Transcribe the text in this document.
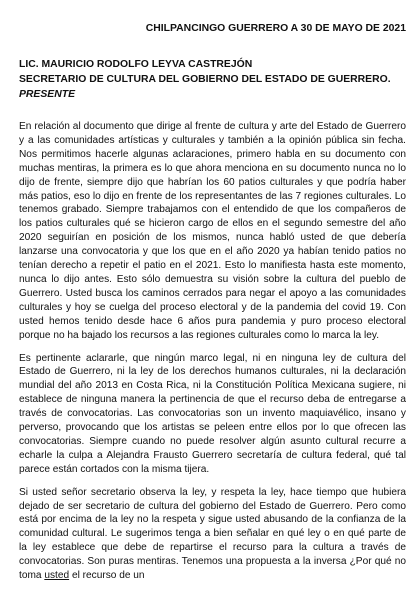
CHILPANCINGO GUERRERO A 30 DE MAYO DE 2021

LIC. MAURICIO RODOLFO LEYVA CASTREJÓN

SECRETARIO DE CULTURA DEL GOBIERNO DEL ESTADO DE GUERRERO.

PRESENTE

En relación al documento que dirige al frente de cultura y arte del Estado de Guerrero y a las comunidades artísticas y culturales y también a la opinión pública sin fecha. Nos permitimos hacerle algunas aclaraciones, primero habla en su documento con muchas mentiras, la primera es lo que ahora menciona en su documento nunca no lo dijo de frente, siempre dijo que habrían los 60 patios culturales y que podría haber más patios, eso lo dijo en frente de los representantes de las 7 regiones culturales. Lo tenemos grabado. Siempre trabajamos con el entendido de que los compañeros de los patios culturales qué se hicieron cargo de ellos en el segundo semestre del año 2020 seguirían en posición de los mismos, nunca habló usted de que debería lanzarse una convocatoria y que los que en el año 2020 ya habían tenido patios no tenían derecho a repetir el patio en el 2021. Esto lo manifiesta hasta este momento, nunca lo dijo antes. Esto sólo demuestra su visión sobre la cultura del pueblo de Guerrero. Usted busca los caminos cerrados para negar el apoyo a las comunidades culturales y hoy se cuelga del proceso electoral y de la pandemia del covid 19. Con usted hemos tenido desde hace 6 años pura pandemia y puro proceso electoral porque no ha bajado los recursos a las regiones culturales como lo marca la ley.

Es pertinente aclararle, que ningún marco legal, ni en ninguna ley de cultura del Estado de Guerrero, ni la ley de los derechos humanos culturales, ni la declaración mundial del año 2013 en Costa Rica, ni la Constitución Política Mexicana sugiere, ni establece de ninguna manera la pertinencia de que el recurso deba de entregarse a través de convocatorias. Las convocatorias son un invento maquiavélico, insano y perverso, provocando que los artistas se peleen entre ellos por lo que ofrecen las convocatorias. Siempre cuando no puede resolver algún asunto cultural recurre a echarle la culpa a Alejandra Frausto Guerrero secretaría de cultura federal, qué tal parece están cortados con la misma tijera.

Si usted señor secretario observa la ley, y respeta la ley, hace tiempo que hubiera dejado de ser secretario de cultura del gobierno del Estado de Guerrero. Pero como está por encima de la ley no la respeta y sigue usted abusando de la confianza de la comunidad cultural. Le sugerimos tenga a bien señalar en qué ley o en qué parte de la ley establece que debe de repartirse el recurso para la cultura a través de convocatorias. Son puras mentiras. Tenemos una propuesta a la inversa ¿Por qué no toma usted el recurso de un
